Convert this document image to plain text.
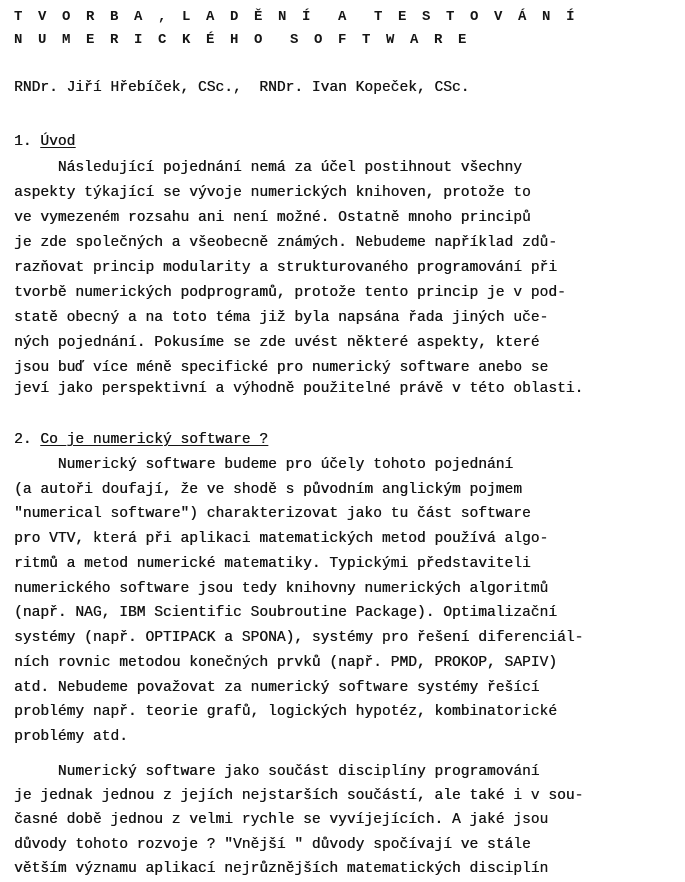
T V O R B A , L A D Ě N Í  A  T E S T O V Á N Í
N U M E R I C K É H O  S O F T W A R E
RNDr. Jiří Hřebíček, CSc.,  RNDr. Ivan Kopeček, CSc.
1. Úvod
Následující pojednání nemá za účel postihnout všechny
aspekty týkající se vývoje numerických knihoven, protože to
ve vymezeném rozsahu ani není možné. Ostatně mnoho principů
je zde společných a všeobecně známých. Nebudeme například zdů-
razňovat princip modularity a strukturovaného programování při
tvorbě numerických podprogramů, protože tento princip je v pod-
statě obecný a na toto téma již byla napsána řada jiných uče-
ných pojednání. Pokusíme se zde uvést některé aspekty, které
jsou buď více méně specifické pro numerický software anebo se
jeví jako perspektivní a výhodně použitelné právě v této oblasti.
2. Co je numerický software ?
Numerický software budeme pro účely tohoto pojednání
(a autoři doufají, že ve shodě s původním anglickým pojmem
"numerical software") charakterizovat jako tu část software
pro VTV, která při aplikaci matematických metod používá algo-
ritmů a metod numerické matematiky. Typickými představiteli
numerického software jsou tedy knihovny numerických algoritmů
(např. NAG, IBM Scientific Soubroutine Package). Optimalizační
systémy (např. OPTIPACK a SPONA), systémy pro řešení diferenciál-
ních rovnic metodou konečných prvků (např. PMD, PROKOP, SAPIV)
atd. Nebudeme považovat za numerický software systémy řešící
problémy např. teorie grafů, logických hypotéz, kombinatorické
problémy atd.
Numerický software jako součást disciplíny programování
je jednak jednou z jejích nejstarších součástí, ale také i v sou-
časné době jednou z velmi rychle se vyvíjejících. A jaké jsou
důvody tohoto rozvoje ? "Vnější " důvody spočívají ve stále
větším významu aplikací nejrůznějších matematických disciplín
